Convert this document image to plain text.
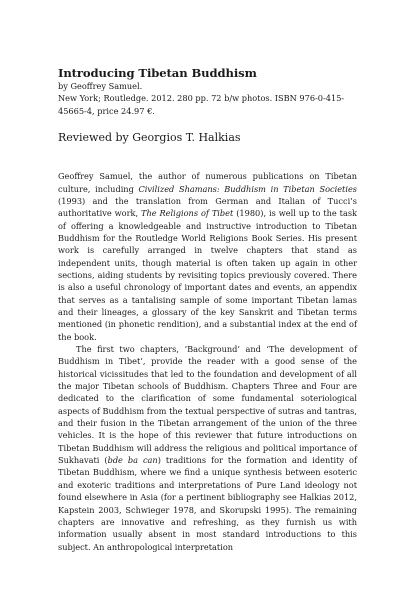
Introducing Tibetan Buddhism

by Geoffrey Samuel.

New York; Routledge. 2012. 280 pp. 72 b/w photos. ISBN 976-0-415-45665-4, price 24.97 €.

Reviewed by Georgios T. Halkias

Geoffrey Samuel, the author of numerous publications on Tibetan culture, including Civilized Shamans: Buddhism in Tibetan Societies (1993) and the translation from German and Italian of Tucci’s authoritative work, The Religions of Tibet (1980), is well up to the task of offering a knowledgeable and instructive introduction to Tibetan Buddhism for the Routledge World Religions Book Series. His present work is carefully arranged in twelve chapters that stand as independent units, though material is often taken up again in other sections, aiding students by revisiting topics previously covered. There is also a useful chronology of important dates and events, an appendix that serves as a tantalising sample of some important Tibetan lamas and their lineages, a glossary of the key Sanskrit and Tibetan terms mentioned (in phonetic rendition), and a substantial index at the end of the book.

The first two chapters, ‘Background’ and ‘The development of Buddhism in Tibet’, provide the reader with a good sense of the historical vicissitudes that led to the foundation and development of all the major Tibetan schools of Buddhism. Chapters Three and Four are dedicated to the clarification of some fundamental soteriological aspects of Buddhism from the textual perspective of sutras and tantras, and their fusion in the Tibetan arrangement of the union of the three vehicles. It is the hope of this reviewer that future introductions on Tibetan Buddhism will address the religious and political importance of Sukhavati (bde ba can) traditions for the formation and identity of Tibetan Buddhism, where we find a unique synthesis between esoteric and exoteric traditions and interpretations of Pure Land ideology not found elsewhere in Asia (for a pertinent bibliography see Halkias 2012, Kapstein 2003, Schwieger 1978, and Skorupski 1995). The remaining chapters are innovative and refreshing, as they furnish us with information usually absent in most standard introductions to this subject. An anthropological interpretation
